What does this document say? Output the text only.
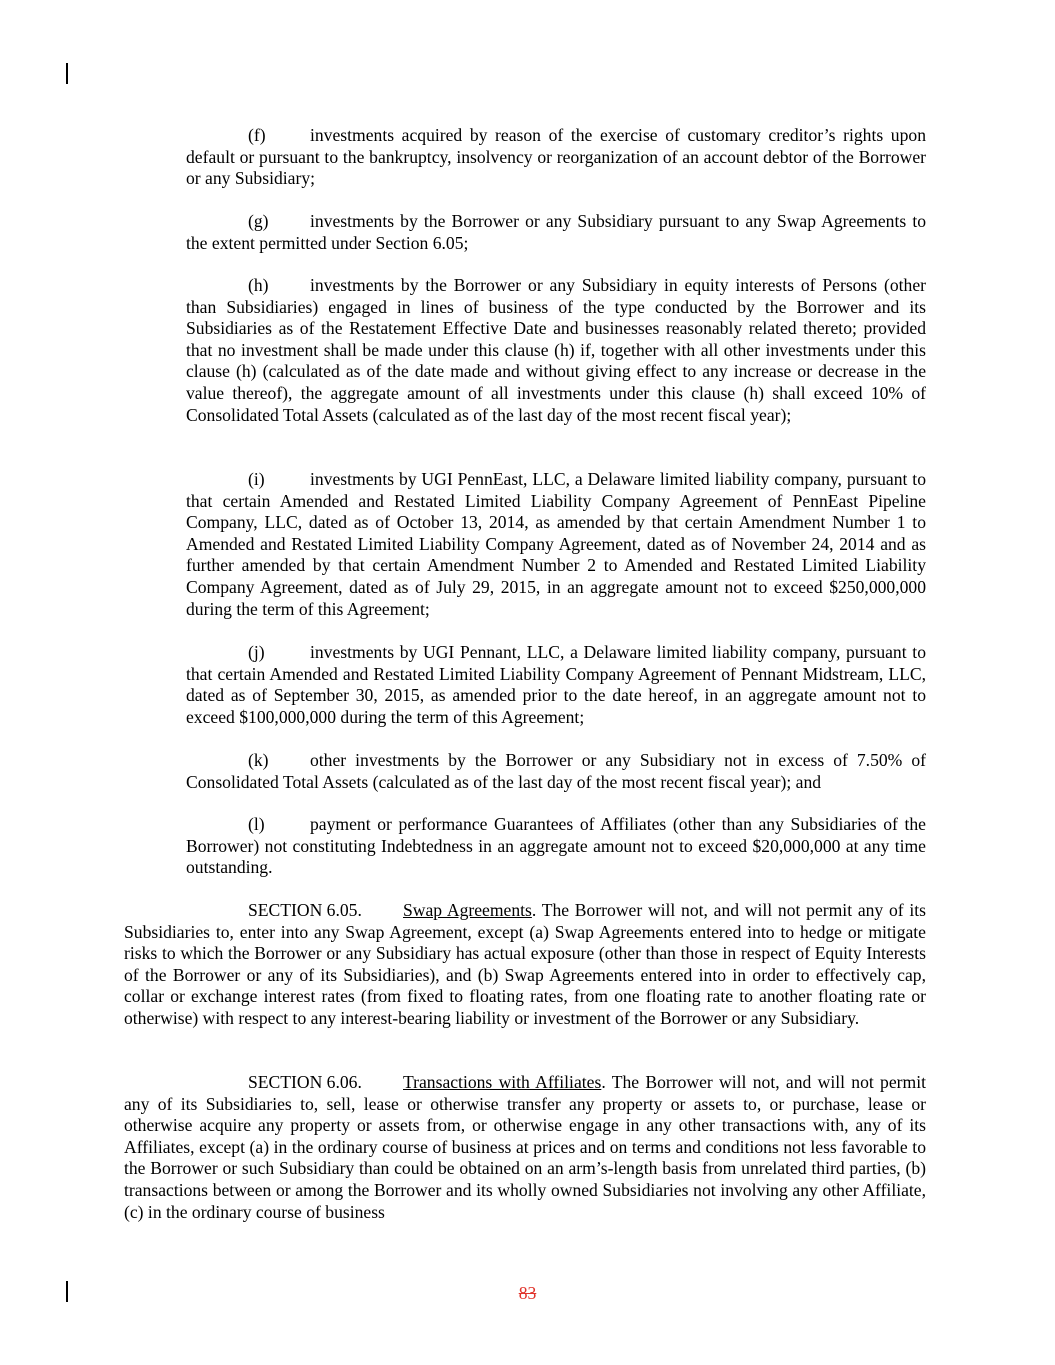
(f)	investments acquired by reason of the exercise of customary creditor’s rights upon default or pursuant to the bankruptcy, insolvency or reorganization of an account debtor of the Borrower or any Subsidiary;

(g) investments by the Borrower or any Subsidiary pursuant to any Swap Agreements to the extent permitted under Section 6.05;

(h) investments by the Borrower or any Subsidiary in equity interests of Persons (other than Subsidiaries) engaged in lines of business of the type conducted by the Borrower and its Subsidiaries as of the Restatement Effective Date and businesses reasonably related thereto; provided that no investment shall be made under this clause (h) if, together with all other investments under this clause (h) (calculated as of the date made and without giving effect to any increase or decrease in the value thereof), the aggregate amount of all investments under this clause (h) shall exceed 10% of Consolidated Total Assets (calculated as of the last day of the most recent fiscal year);

(i)	investments by UGI PennEast, LLC, a Delaware limited liability company, pursuant to that certain Amended and Restated Limited Liability Company Agreement of PennEast Pipeline Company, LLC, dated as of October 13, 2014, as amended by that certain Amendment Number 1 to Amended and Restated Limited Liability Company Agreement, dated as of November 24, 2014 and as further amended by that certain Amendment Number 2 to Amended and Restated Limited Liability Company Agreement, dated as of July 29, 2015, in an aggregate amount not to exceed $250,000,000 during the term of this Agreement;

(j)	investments by UGI Pennant, LLC, a Delaware limited liability company, pursuant to that certain Amended and Restated Limited Liability Company Agreement of Pennant Midstream, LLC, dated as of September 30, 2015, as amended prior to the date hereof, in an aggregate amount not to exceed $100,000,000 during the term of this Agreement;

(k) other investments by the Borrower or any Subsidiary not in excess of 7.50% of Consolidated Total Assets (calculated as of the last day of the most recent fiscal year); and

(l)	payment or performance Guarantees of Affiliates (other than any Subsidiaries of the Borrower) not constituting Indebtedness in an aggregate amount not to exceed $20,000,000 at any time outstanding.

SECTION 6.05. Swap Agreements. The Borrower will not, and will not permit any of its Subsidiaries to, enter into any Swap Agreement, except (a) Swap Agreements entered into to hedge or mitigate risks to which the Borrower or any Subsidiary has actual exposure (other than those in respect of Equity Interests of the Borrower or any of its Subsidiaries), and (b) Swap Agreements entered into in order to effectively cap, collar or exchange interest rates (from fixed to floating rates, from one floating rate to another floating rate or otherwise) with respect to any interest-bearing liability or investment of the Borrower or any Subsidiary.

SECTION 6.06. Transactions with Affiliates. The Borrower will not, and will not permit any of its Subsidiaries to, sell, lease or otherwise transfer any property or assets to, or purchase, lease or otherwise acquire any property or assets from, or otherwise engage in any other transactions with, any of its Affiliates, except (a) in the ordinary course of business at prices and on terms and conditions not less favorable to the Borrower or such Subsidiary than could be obtained on an arm’s-length basis from unrelated third parties, (b) transactions between or among the Borrower and its wholly owned Subsidiaries not involving any other Affiliate, (c) in the ordinary course of business

83
